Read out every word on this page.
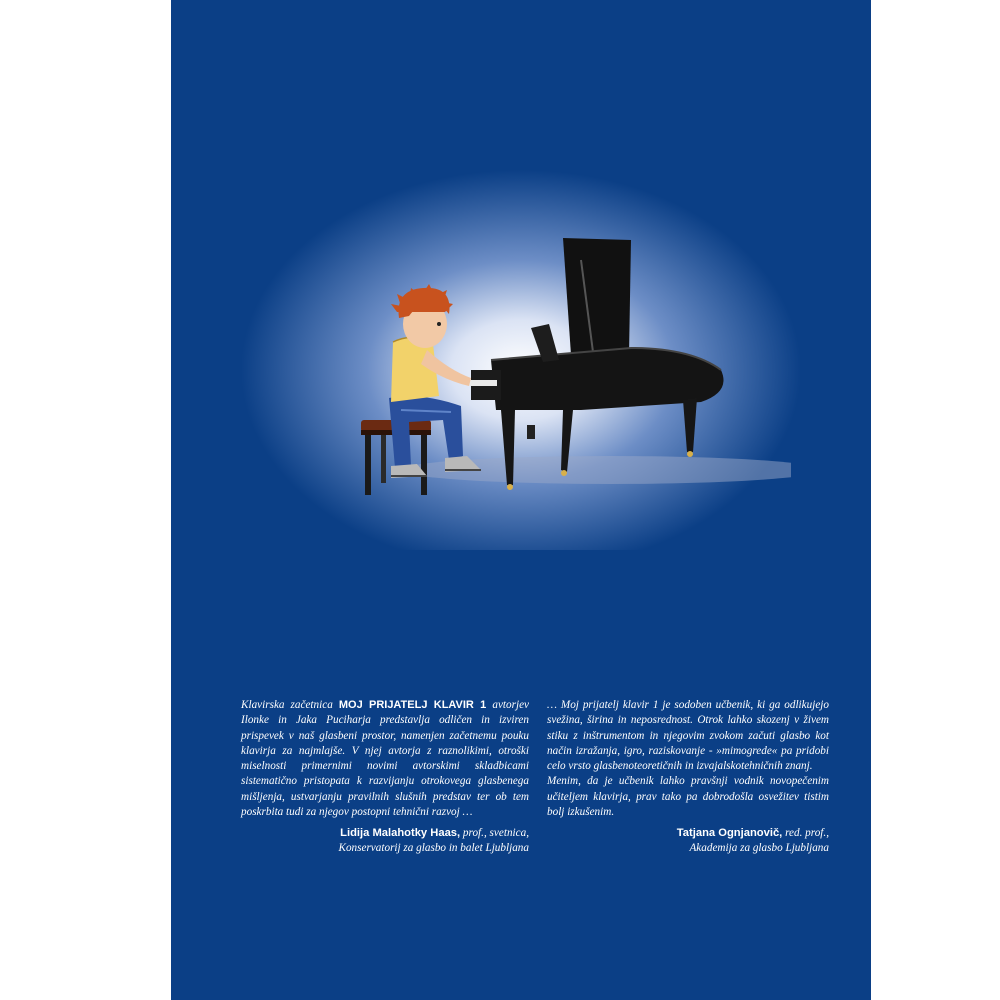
Klavirska začetnica MOJ PRIJATELJ KLAVIR 1 avtorjev Ilonke in Jaka Puciharja predstavlja odličen in izviren prispevek v naš glasbeni prostor, namenjen začetnemu pouku klavirja za najmlajše. V njej avtorja z raznolikimi, otroški miselnosti primernimi novimi avtorskimi skladbicami sistematično pristopata k razvijanju otrokovega glasbenega mišljenja, ustvarjanju pravilnih slušnih predstav ter ob tem poskrbita tudi za njegov postopni tehnični razvoj …

Lidija Malahotky Haas, prof., svetnica,
Konservatorij za glasbo in balet Ljubljana

… Moj prijatelj klavir 1 je sodoben učbenik, ki ga odlikujejo svežina, širina in neposrednost. Otrok lahko skozenj v živem stiku z inštrumentom in njegovim zvokom začuti glasbo kot način izražanja, igro, raziskovanje - »mimogrede« pa pridobi celo vrsto glasbenoteoretičnih in izvajalskotehničnih znanj.

Menim, da je učbenik lahko pravšnji vodnik novopečenim učiteljem klavirja, prav tako pa dobrodošla osvežitev tistim bolj izkušenim.

Tatjana Ognjanovič, red. prof.,
Akademija za glasbo Ljubljana
